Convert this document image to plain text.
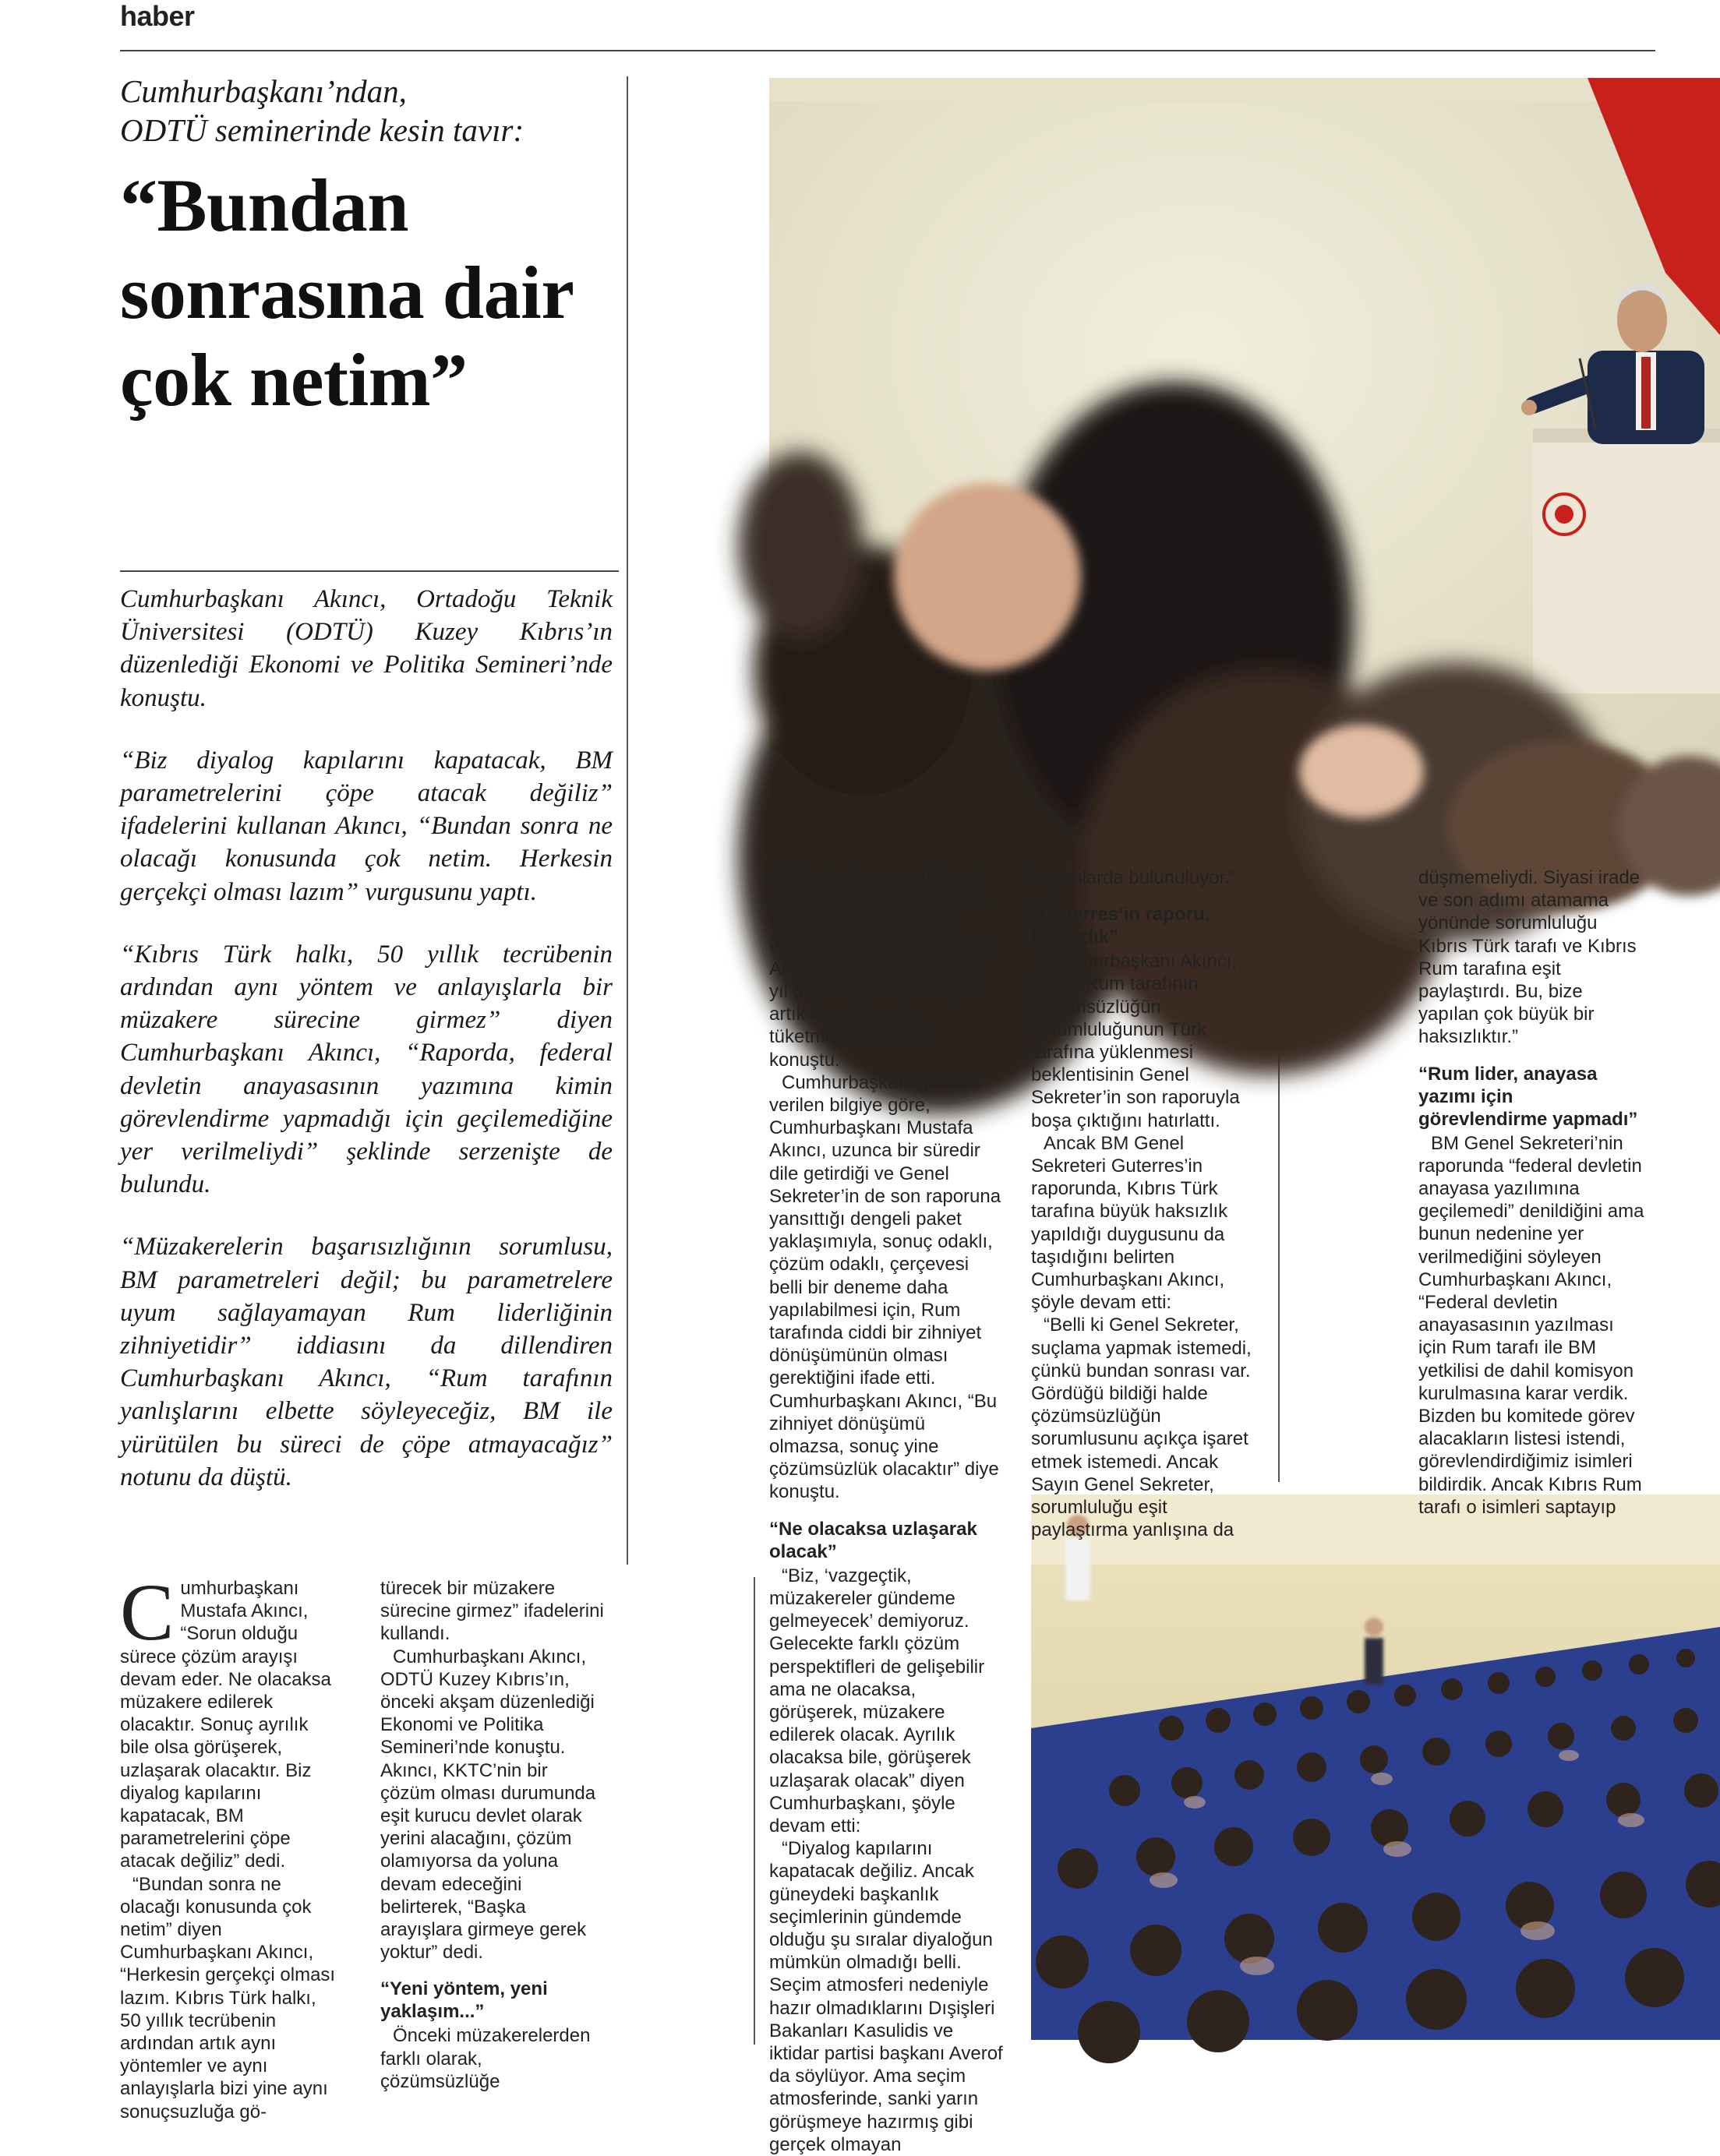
haber
Cumhurbaşkanı’ndan,
ODTÜ seminerinde kesin tavır:
“Bundan
sonrasına dair
çok netim”

Cumhurbaşkanı Akıncı, Ortadoğu Teknik Üniversitesi (ODTÜ) Kuzey Kıbrıs’ın düzenlediği Ekonomi ve Politika Semineri’nde konuştu.

“Biz diyalog kapılarını kapatacak, BM parametrelerini çöpe atacak değiliz” ifadelerini kullanan Akıncı, “Bundan sonra ne olacağı konusunda çok netim. Herkesin gerçekçi olması lazım” vurgusunu yaptı.

“Kıbrıs Türk halkı, 50 yıllık tecrübenin ardından aynı yöntem ve anlayışlarla bir müzakere sürecine girmez” diyen Cumhurbaşkanı Akıncı, “Raporda, federal devletin anayasasının yazımına kimin görevlendirme yapmadığı için geçilemediğine yer verilmeliydi” şeklinde serzenişte de bulundu.

“Müzakerelerin başarısızlığının sorumlusu, BM parametreleri değil; bu parametrelere uyum sağlayamayan Rum liderliğinin zihniyetidir” iddiasını da dillendiren Cumhurbaşkanı Akıncı, “Rum tarafının yanlışlarını elbette söyleyeceğiz, BM ile yürütülen bu süreci de çöpe atmayacağız” notunu da düştü.

C umhurbaşkanı Mustafa Akıncı, “Sorun olduğu sürece çözüm arayışı devam eder. Ne olacaksa müzakere edilerek olacaktır. Sonuç ayrılık bile olsa görüşerek, uzlaşarak olacaktır. Biz diyalog kapılarını kapatacak, BM parametrelerini çöpe atacak değiliz” dedi.

“Bundan sonra ne olacağı konusunda çok netim” diyen Cumhurbaşkanı Akıncı, “Herkesin gerçekçi olması lazım. Kıbrıs Türk halkı, 50 yıllık tecrübenin ardından artık aynı yöntemler ve aynı anlayışlarla bizi yine aynı sonuçsuzluğa gö-

türecek bir müzakere sürecine girmez” ifadelerini kullandı.

Cumhurbaşkanı Akıncı, ODTÜ Kuzey Kıbrıs’ın, önceki akşam düzenlediği Ekonomi ve Politika Semineri’nde konuştu. Akıncı, KKTC’nin bir çözüm olması durumunda eşit kurucu devlet olarak yerini alacağını, çözüm olamıyorsa da yoluna devam edeceğini belirterek, “Başka arayışlara girmeye gerek yoktur” dedi.

“Yeni yöntem, yeni yaklaşım...”

Önceki müzakerelerden farklı olarak, çözümsüzlüğe

değil; çözüme varabilmek için artık en başta yöntemi değiştirmek gerektiğini vurgulayan Cumhurbaşkanı Akıncı, “Böyle ucu açık 50 yıl daha sürsün yaklaşımı artık kendi kendini tüketmiştir” şeklinde konuştu.

Cumhurbaşkanlığı’ndan verilen bilgiye göre, Cumhurbaşkanı Mustafa Akıncı, uzunca bir süredir dile getirdiği ve Genel Sekreter’in de son raporuna yansıttığı dengeli paket yaklaşımıyla, sonuç odaklı, çözüm odaklı, çerçevesi belli bir deneme daha yapılabilmesi için, Rum tarafında ciddi bir zihniyet dönüşümünün olması gerektiğini ifade etti. Cumhurbaşkanı Akıncı, “Bu zihniyet dönüşümü olmazsa, sonuç yine çözümsüzlük olacaktır” diye konuştu.

“Ne olacaksa uzlaşarak olacak”

“Biz, ‘vazgeçtik, müzakereler gündeme gelmeyecek’ demiyoruz. Gelecekte farklı çözüm perspektifleri de gelişebilir ama ne olacaksa, görüşerek, müzakere edilerek olacak. Ayrılık olacaksa bile, görüşerek uzlaşarak olacak” diyen Cumhurbaşkanı, şöyle devam etti:

“Diyalog kapılarını kapatacak değiliz. Ancak güneydeki başkanlık seçimlerinin gündemde olduğu şu sıralar diyaloğun mümkün olmadığı belli. Seçim atmosferi nedeniyle hazır olmadıklarını Dışişleri Bakanları Kasulidis ve iktidar partisi başkanı Averof da söylüyor. Ama seçim atmosferinde, sanki yarın görüşmeye hazırmış gibi gerçek olmayan

beyanlarda bulunuluyor.”

“Guterres’in raporu, haksızlık”

Cumhurbaşkanı Akıncı, Kıbrıs Rum tarafının çözümsüzlüğün sorumluluğunun Türk tarafına yüklenmesi beklentisinin Genel Sekreter’in son raporuyla boşa çıktığını hatırlattı.

Ancak BM Genel Sekreteri Guterres’in raporunda, Kıbrıs Türk tarafına büyük haksızlık yapıldığı duygusunu da taşıdığını belirten Cumhurbaşkanı Akıncı, şöyle devam etti:

“Belli ki Genel Sekreter, suçlama yapmak istemedi, çünkü bundan sonrası var. Gördüğü bildiği halde çözümsüzlüğün sorumlusunu açıkça işaret etmek istemedi. Ancak Sayın Genel Sekreter, sorumluluğu eşit paylaştırma yanlışına da

düşmemeliydi. Siyasi irade ve son adımı atamama yönünde sorumluluğu Kıbrıs Türk tarafı ve Kıbrıs Rum tarafına eşit paylaştırdı. Bu, bize yapılan çok büyük bir haksızlıktır.”

“Rum lider, anayasa yazımı için görevlendirme yapmadı”

BM Genel Sekreteri’nin raporunda “federal devletin anayasa yazılımına geçilemedi” denildiğini ama bunun nedenine yer verilmediğini söyleyen Cumhurbaşkanı Akıncı, “Federal devletin anayasasının yazılması için Rum tarafı ile BM yetkilisi de dahil komisyon kurulmasına karar verdik. Bizden bu komitede görev alacakların listesi istendi, görevlendirdiğimiz isimleri bildirdik. Ancak Kıbrıs Rum tarafı o isimleri saptayıp
